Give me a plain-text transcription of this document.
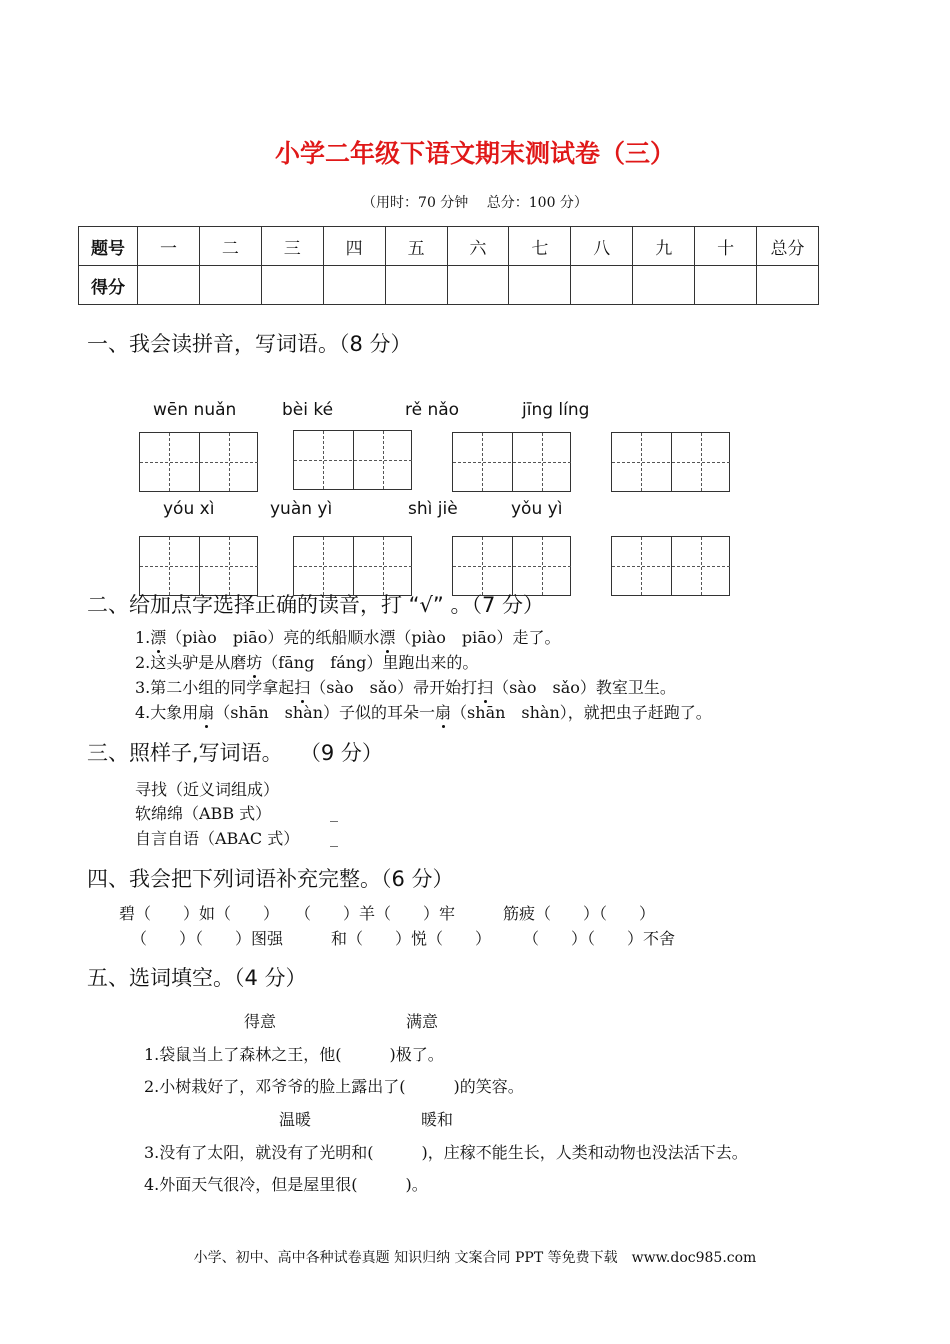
小学二年级下语文期末测试卷（三）
（用时：70 分钟　 总分：100 分）
题号	一	二	三	四	五	六	七	八	九	十	总分
得分											
一、我会读拼音，写词语。（8 分）
wēn nuǎn	bèi ké	rě nǎo	jīng líng
yóu xì	yuàn yì	shì jiè	yǒu yì
二、给加点字选择正确的读音，打 “√” 。（7 分）
1.漂（piào　piāo）亮的纸船顺水漂（piào　piāo）走了。
2.这头驴是从磨坊（fāng　fáng）里跑出来的。
3.第二小组的同学拿起扫（sào　sǎo）帚开始打扫（sào　sǎo）教室卫生。
4.大象用扇（shān　shàn）子似的耳朵一扇（shān　shàn），就把虫子赶跑了。
三、照样子,写词语。　 （9 分）
寻找（近义词组成）
软绵绵（ABB 式）	_
自言自语（ABAC 式） _
四、我会把下列词语补充完整。（6 分）
碧（　　）如（　　）　　（　　）羊（　　）牢　　　筋疲（　　）（　　）
（　　）（　　）图强　　　和（　　）悦（　　）　　　（　　）（　　）不舍
五、选词填空。（4 分）
得意	满意
1.袋鼠当上了森林之王，他(　　　)极了。
2.小树栽好了，邓爷爷的脸上露出了(　　　)的笑容。
温暖	暖和
3.没有了太阳，就没有了光明和(　　　)，庄稼不能生长，人类和动物也没法活下去。
4.外面天气很冷，但是屋里很(　　　)。
小学、初中、高中各种试卷真题 知识归纳 文案合同 PPT 等免费下载　www.doc985.com
